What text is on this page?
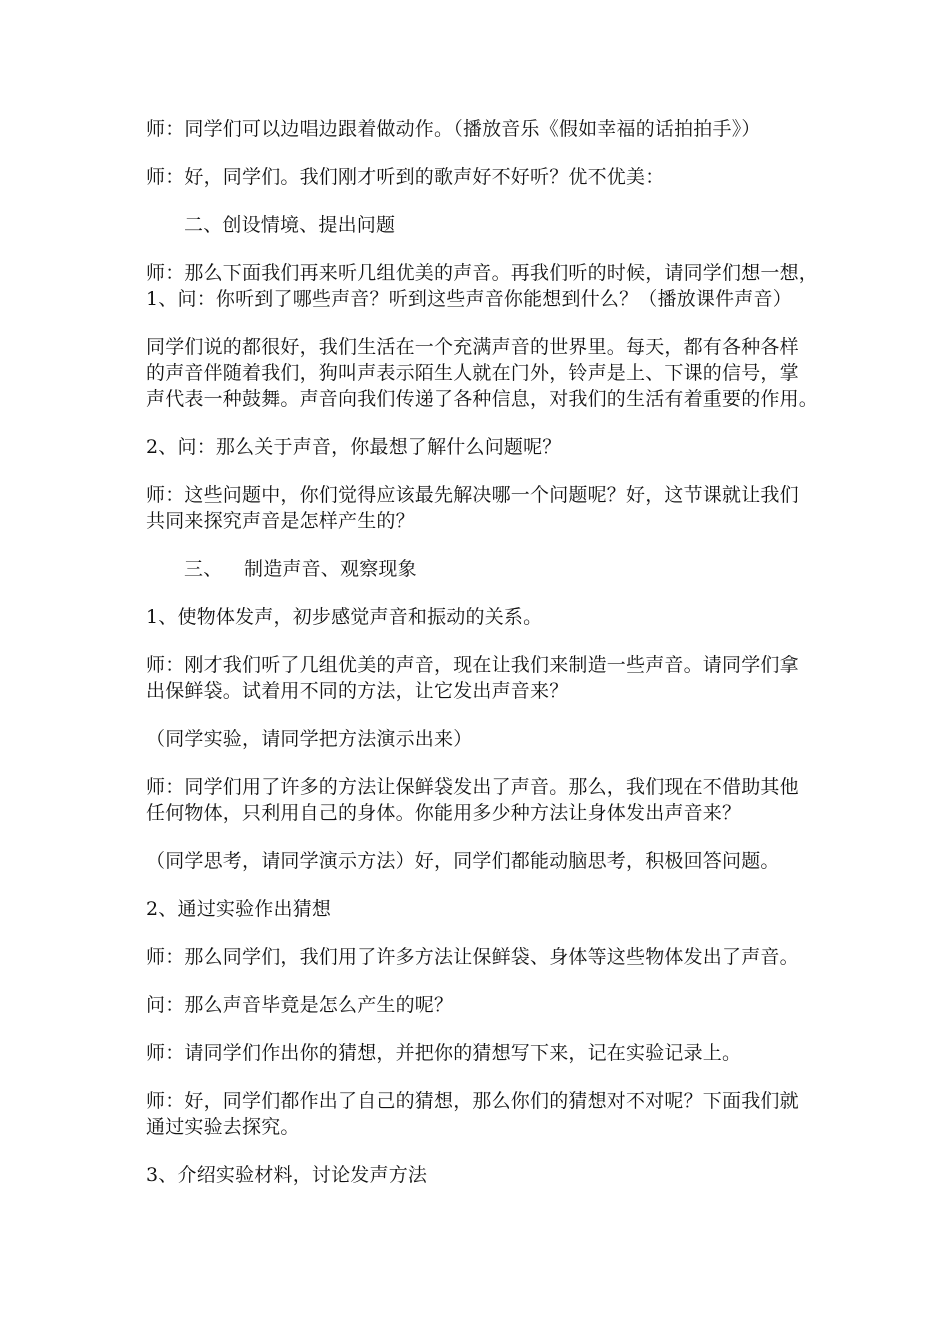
师：同学们可以边唱边跟着做动作。（播放音乐《假如幸福的话拍拍手》）

师：好，同学们。我们刚才听到的歌声好不好听？优不优美：

二、创设情境、提出问题

师：那么下面我们再来听几组优美的声音。再我们听的时候，请同学们想一想，
1、问：你听到了哪些声音？听到这些声音你能想到什么？（播放课件声音）

同学们说的都很好，我们生活在一个充满声音的世界里。每天，都有各种各样
的声音伴随着我们，狗叫声表示陌生人就在门外，铃声是上、下课的信号，掌
声代表一种鼓舞。声音向我们传递了各种信息，对我们的生活有着重要的作用。

2、问：那么关于声音，你最想了解什么问题呢？

师：这些问题中，你们觉得应该最先解决哪一个问题呢？好，这节课就让我们
共同来探究声音是怎样产生的？

三、 制造声音、观察现象

1、使物体发声，初步感觉声音和振动的关系。

师：刚才我们听了几组优美的声音，现在让我们来制造一些声音。请同学们拿
出保鲜袋。试着用不同的方法，让它发出声音来？

（同学实验，请同学把方法演示出来）

师：同学们用了许多的方法让保鲜袋发出了声音。那么，我们现在不借助其他
任何物体，只利用自己的身体。你能用多少种方法让身体发出声音来？

（同学思考，请同学演示方法）好，同学们都能动脑思考，积极回答问题。

2、通过实验作出猜想

师：那么同学们，我们用了许多方法让保鲜袋、身体等这些物体发出了声音。

问：那么声音毕竟是怎么产生的呢？

师：请同学们作出你的猜想，并把你的猜想写下来，记在实验记录上。

师：好，同学们都作出了自己的猜想，那么你们的猜想对不对呢？下面我们就
通过实验去探究。

3、介绍实验材料，讨论发声方法
